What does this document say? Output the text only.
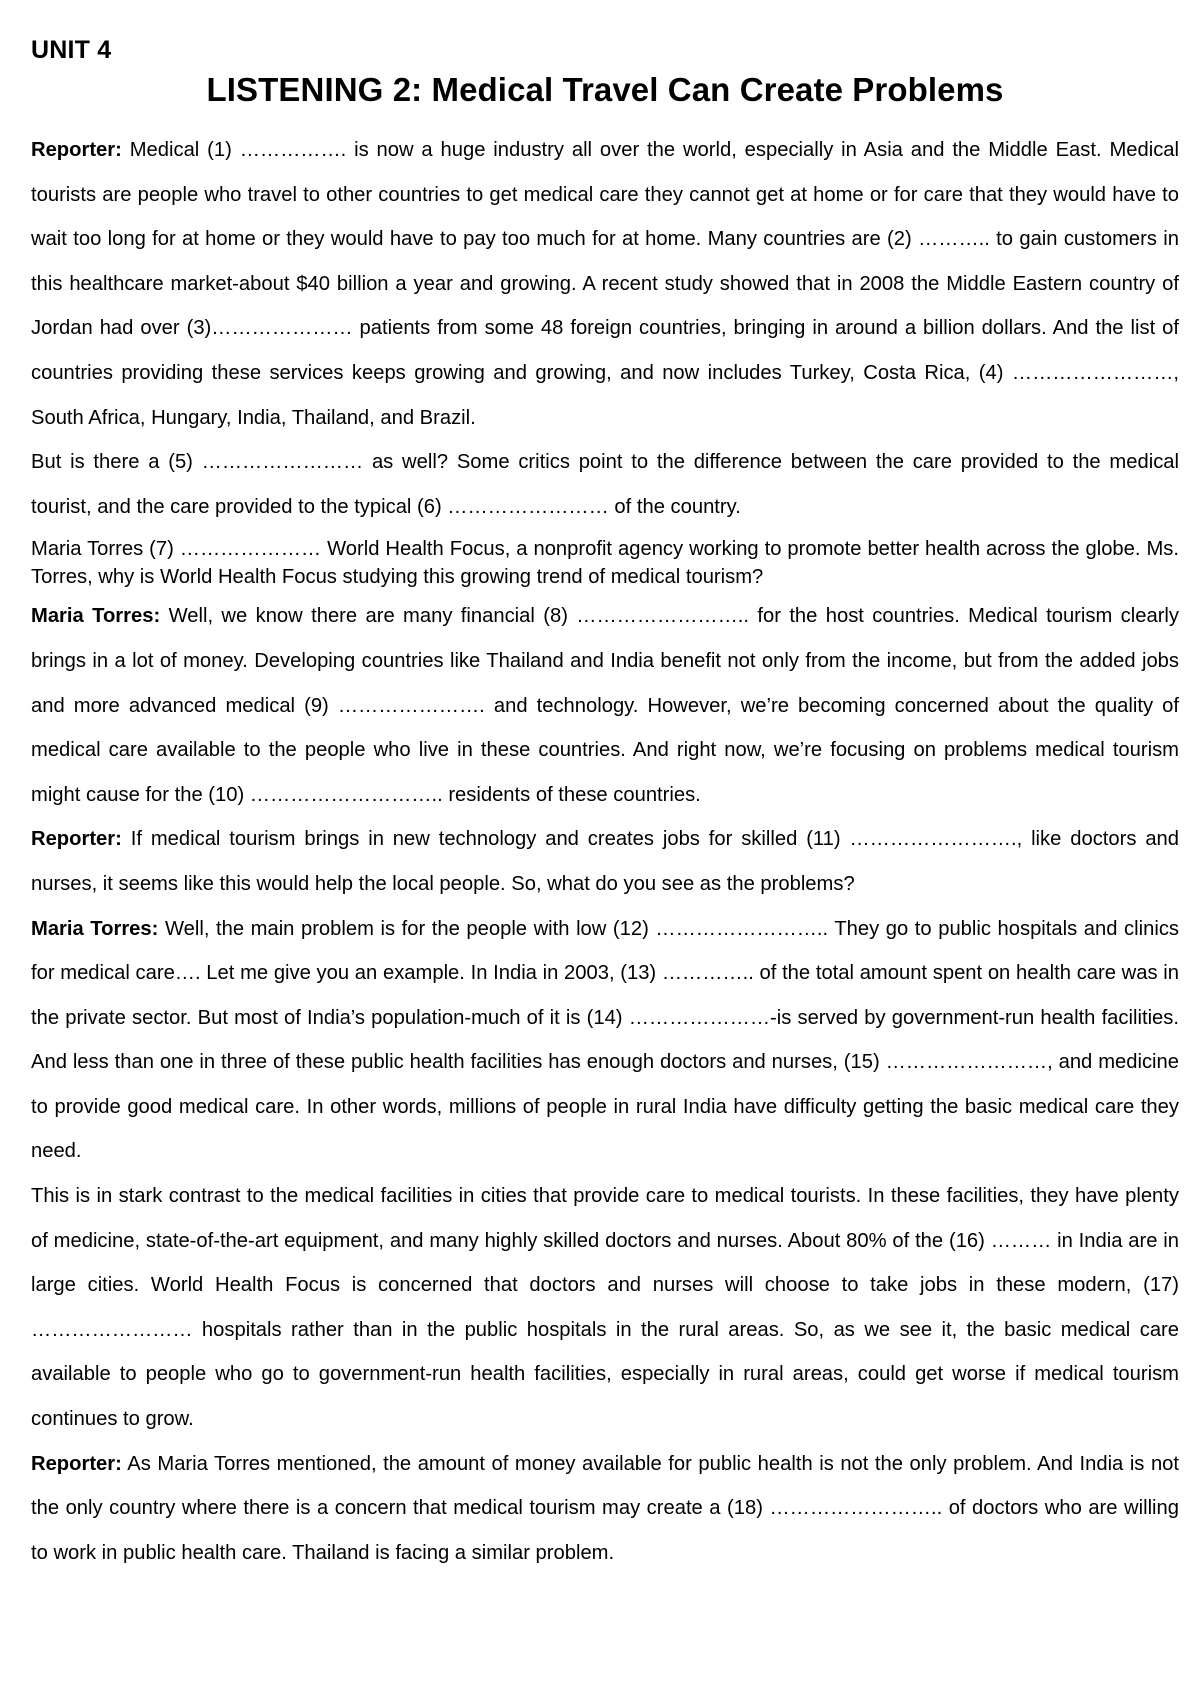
UNIT 4
LISTENING 2: Medical Travel Can Create Problems

Reporter: Medical (1) ……………. is now a huge industry all over the world, especially in Asia and the Middle East. Medical tourists are people who travel to other countries to get medical care they cannot get at home or for care that they would have to wait too long for at home or they would have to pay too much for at home. Many countries are (2) ……….. to gain customers in this healthcare market-about $40 billion a year and growing. A recent study showed that in 2008 the Middle Eastern country of Jordan had over (3)………………… patients from some 48 foreign countries, bringing in around a billion dollars. And the list of countries providing these services keeps growing and growing, and now includes Turkey, Costa Rica, (4) ……………………, South Africa, Hungary, India, Thailand, and Brazil.

But is there a (5) …………………… as well? Some critics point to the difference between the care provided to the medical tourist, and the care provided to the typical (6) …………………… of the country.

Maria Torres (7) ………………… World Health Focus, a nonprofit agency working to promote better health across the globe. Ms. Torres, why is World Health Focus studying this growing trend of medical tourism?

Maria Torres: Well, we know there are many financial (8) …………………….. for the host countries. Medical tourism clearly brings in a lot of money. Developing countries like Thailand and India benefit not only from the income, but from the added jobs and more advanced medical (9) …………………. and technology. However, we’re becoming concerned about the quality of medical care available to the people who live in these countries. And right now, we’re focusing on problems medical tourism might cause for the (10) ……………………….. residents of these countries.

Reporter: If medical tourism brings in new technology and creates jobs for skilled (11) ……………………., like doctors and nurses, it seems like this would help the local people. So, what do you see as the problems?

Maria Torres: Well, the main problem is for the people with low (12) …………………….. They go to public hospitals and clinics for medical care…. Let me give you an example. In India in 2003, (13) ………….. of the total amount spent on health care was in the private sector. But most of India’s population-much of it is (14) …………………-is served by government-run health facilities. And less than one in three of these public health facilities has enough doctors and nurses, (15) ……………………, and medicine to provide good medical care. In other words, millions of people in rural India have difficulty getting the basic medical care they need.

This is in stark contrast to the medical facilities in cities that provide care to medical tourists. In these facilities, they have plenty of medicine, state-of-the-art equipment, and many highly skilled doctors and nurses. About 80% of the (16) ……… in India are in large cities. World Health Focus is concerned that doctors and nurses will choose to take jobs in these modern, (17) …………………… hospitals rather than in the public hospitals in the rural areas. So, as we see it, the basic medical care available to people who go to government-run health facilities, especially in rural areas, could get worse if medical tourism continues to grow.

Reporter: As Maria Torres mentioned, the amount of money available for public health is not the only problem. And India is not the only country where there is a concern that medical tourism may create a (18) …………………….. of doctors who are willing to work in public health care. Thailand is facing a similar problem.
